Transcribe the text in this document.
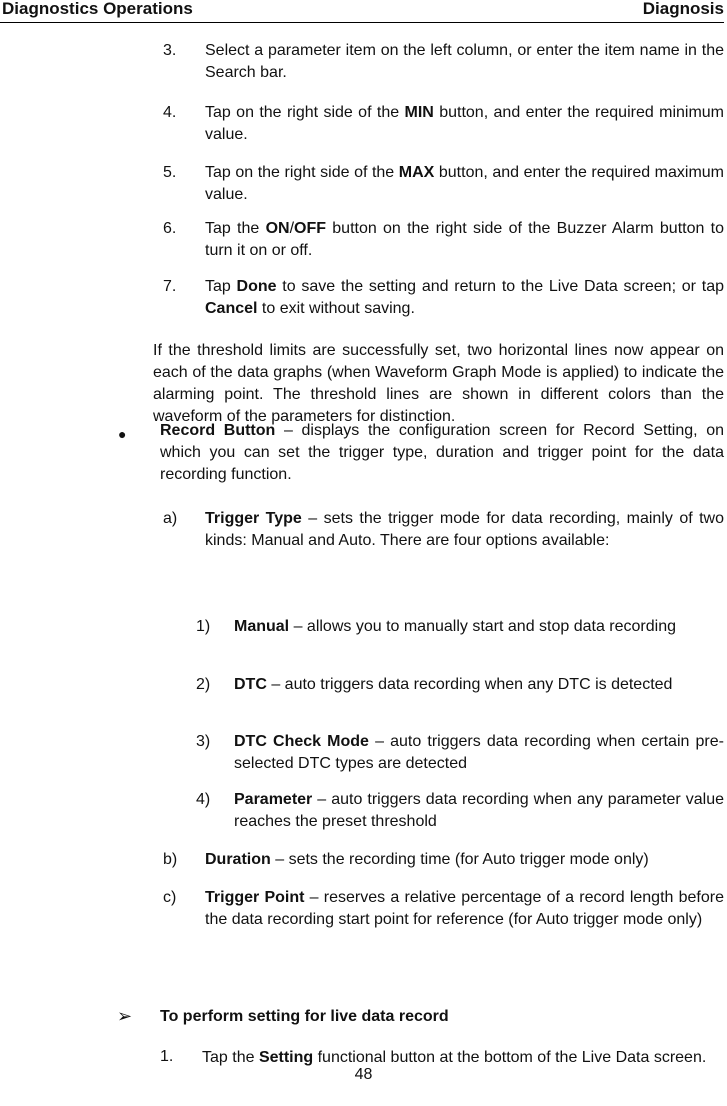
Diagnostics Operations	Diagnosis
3. Select a parameter item on the left column, or enter the item name in the Search bar.
4. Tap on the right side of the MIN button, and enter the required minimum value.
5. Tap on the right side of the MAX button, and enter the required maximum value.
6. Tap the ON/OFF button on the right side of the Buzzer Alarm button to turn it on or off.
7. Tap Done to save the setting and return to the Live Data screen; or tap Cancel to exit without saving.
If the threshold limits are successfully set, two horizontal lines now appear on each of the data graphs (when Waveform Graph Mode is applied) to indicate the alarming point. The threshold lines are shown in different colors than the waveform of the parameters for distinction.
● Record Button – displays the configuration screen for Record Setting, on which you can set the trigger type, duration and trigger point for the data recording function.
a) Trigger Type – sets the trigger mode for data recording, mainly of two kinds: Manual and Auto. There are four options available:
1) Manual – allows you to manually start and stop data recording
2) DTC – auto triggers data recording when any DTC is detected
3) DTC Check Mode – auto triggers data recording when certain pre-selected DTC types are detected
4) Parameter – auto triggers data recording when any parameter value reaches the preset threshold
b) Duration – sets the recording time (for Auto trigger mode only)
c) Trigger Point – reserves a relative percentage of a record length before the data recording start point for reference (for Auto trigger mode only)
➢ To perform setting for live data record
1. Tap the Setting functional button at the bottom of the Live Data screen.
48
